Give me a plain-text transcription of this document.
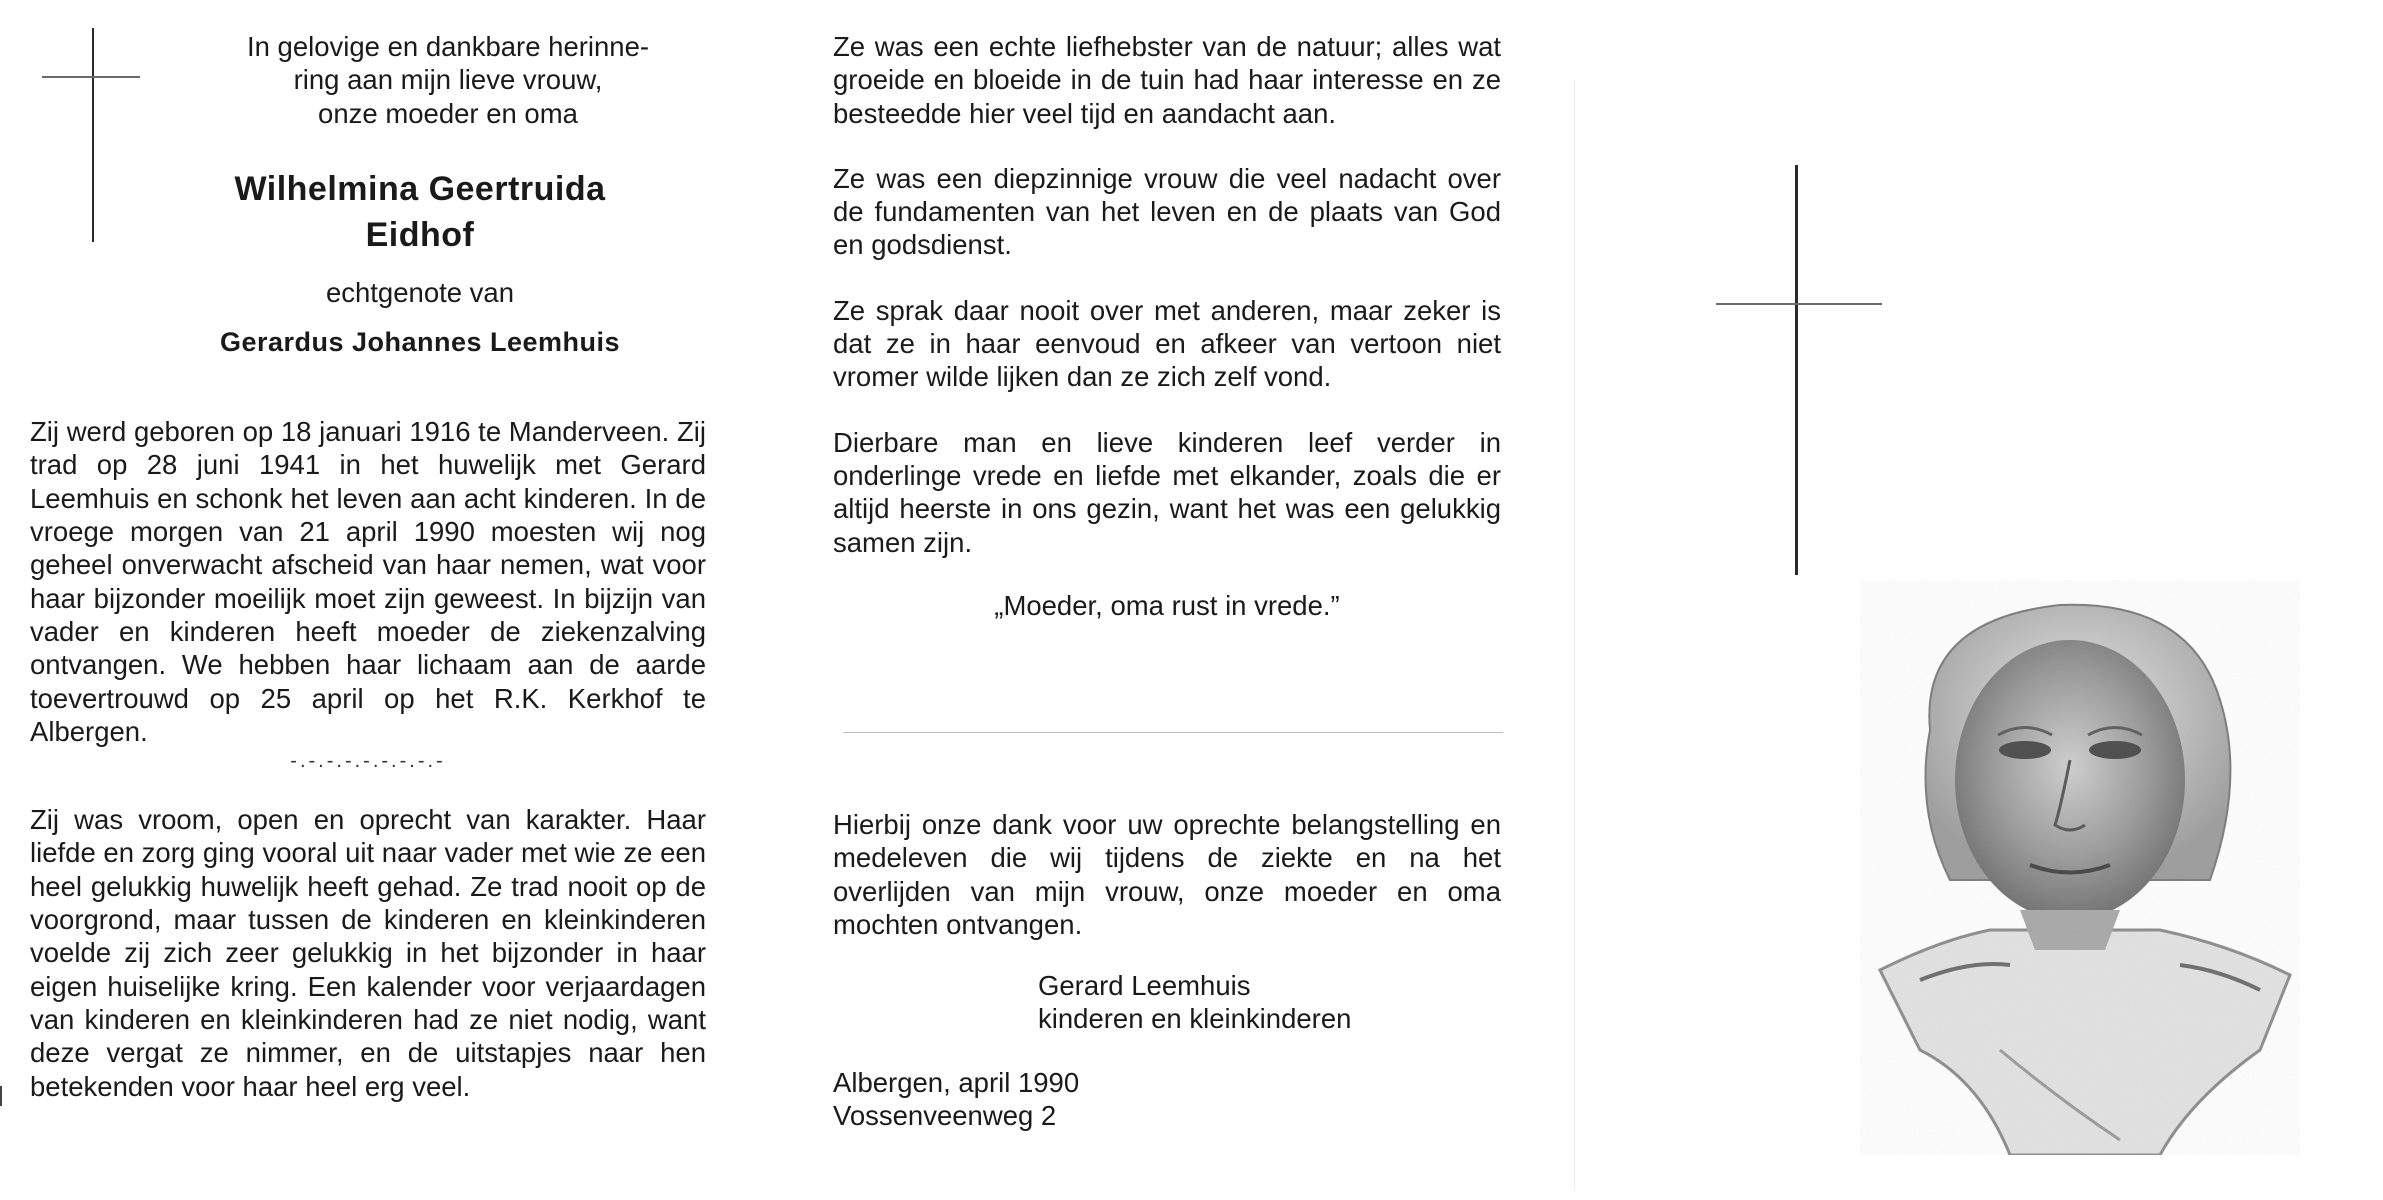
In gelovige en dankbare herinne-

ring aan mijn lieve vrouw,

onze moeder en oma

Wilhelmina Geertruida

Eidhof

echtgenote van

Gerardus Johannes Leemhuis

Zij werd geboren op 18 januari 1916 te Manderveen. Zij trad op 28 juni 1941 in het huwelijk met Gerard Leemhuis en schonk het leven aan acht kinderen. In de vroege morgen van 21 april 1990 moesten wij nog geheel onverwacht afscheid van haar nemen, wat voor haar bijzonder moeilijk moet zijn geweest. In bijzijn van vader en kinderen heeft moeder de ziekenzalving ontvangen. We hebben haar lichaam aan de aarde toevertrouwd op 25 april op het R.K. Kerkhof te Albergen.

-.-.-.-.-.-.-.-.-

Zij was vroom, open en oprecht van karakter. Haar liefde en zorg ging vooral uit naar vader met wie ze een heel gelukkig huwelijk heeft gehad. Ze trad nooit op de voorgrond, maar tussen de kinderen en kleinkinderen voelde zij zich zeer gelukkig in het bijzonder in haar eigen huiselijke kring. Een kalender voor verjaardagen van kinderen en kleinkinderen had ze niet nodig, want deze vergat ze nimmer, en de uitstapjes naar hen betekenden voor haar heel erg veel.

Ze was een echte liefhebster van de natuur; alles wat groeide en bloeide in de tuin had haar interesse en ze besteedde hier veel tijd en aandacht aan.

Ze was een diepzinnige vrouw die veel nadacht over de fundamenten van het leven en de plaats van God en godsdienst.

Ze sprak daar nooit over met anderen, maar zeker is dat ze in haar eenvoud en afkeer van vertoon niet vromer wilde lijken dan ze zich zelf vond.

Dierbare man en lieve kinderen leef verder in onderlinge vrede en liefde met elkander, zoals die er altijd heerste in ons gezin, want het was een gelukkig samen zijn.

„Moeder, oma rust in vrede.”

Hierbij onze dank voor uw oprechte belangstelling en medeleven die wij tijdens de ziekte en na het overlijden van mijn vrouw, onze moeder en oma mochten ontvangen.

Gerard Leemhuis

kinderen en kleinkinderen

Albergen, april 1990

Vossenveenweg 2
